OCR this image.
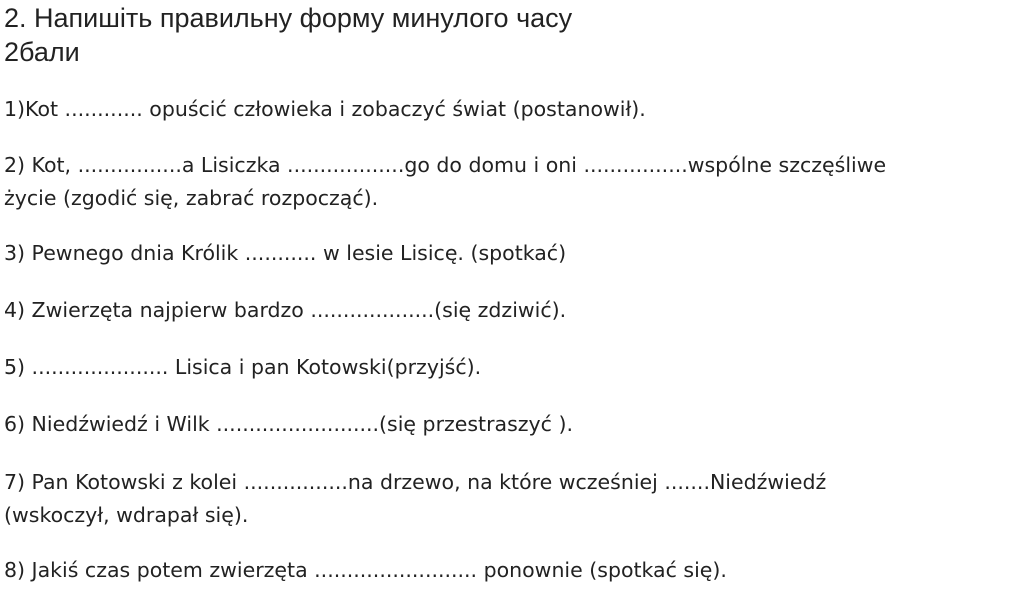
2. Напишіть правильну форму минулого часу
2бали
1)Kot ............ opuścić człowieka i zobaczyć świat (postanowił).
2) Kot, ................a Lisiczka ..................go do domu i oni ................wspólne szczęśliwe
życie (zgodić się, zabrać rozpocząć).
3) Pewnego dnia Królik ........... w lesie Lisicę. (spotkać)
4) Zwierzęta najpierw bardzo ...................(się zdziwić).
5) ..................... Lisica i pan Kotowski(przyjść).
6) Niedźwiedź i Wilk .........................(się przestraszyć ).
7) Pan Kotowski z kolei ................na drzewo, na które wcześniej .......Niedźwiedź
(wskoczył, wdrapał się).
8) Jakiś czas potem zwierzęta ......................... ponownie (spotkać się).
